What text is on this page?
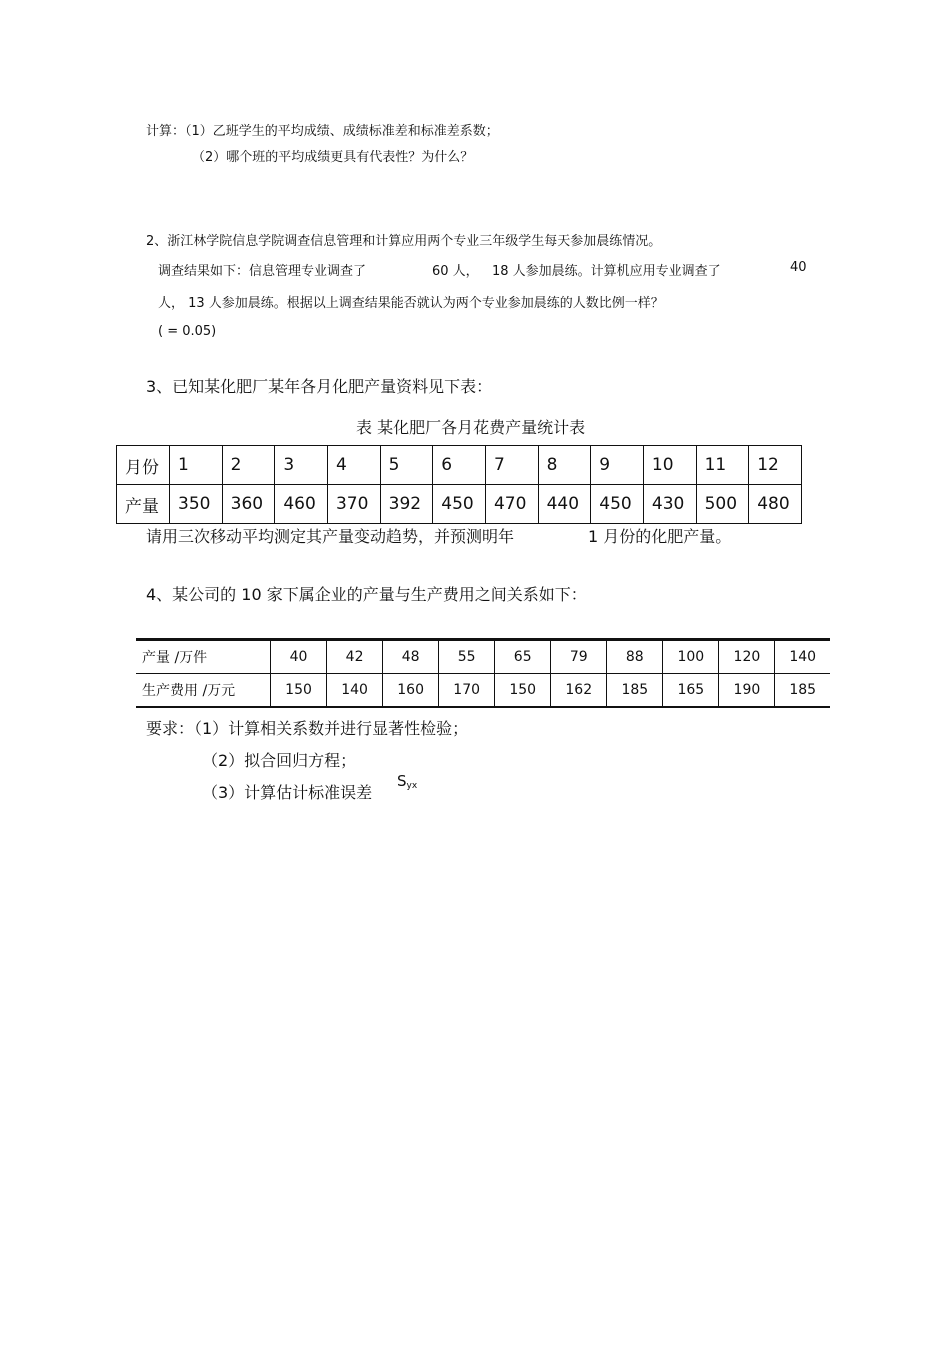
计算：（1）乙班学生的平均成绩、成绩标准差和标准差系数；
（2）哪个班的平均成绩更具有代表性？为什么？
2、浙江林学院信息学院调查信息管理和计算应用两个专业三年级学生每天参加晨练情况。
调查结果如下：信息管理专业调查了	60 人， 18 人参加晨练。计算机应用专业调查了	40
人， 13 人参加晨练。根据以上调查结果能否就认为两个专业参加晨练的人数比例一样？
( = 0.05)
3、已知某化肥厂某年各月化肥产量资料见下表：
表 某化肥厂各月花费产量统计表
月份	1	2	3	4	5	6	7	8	9	10	11	12
产量	350	360	460	370	392	450	470	440	450	430	500	480
请用三次移动平均测定其产量变动趋势，并预测明年	1 月份的化肥产量。
4、某公司的 10 家下属企业的产量与生产费用之间关系如下：
产量 /万件	40	42	48	55	65	79	88	100	120	140
生产费用 /万元	150	140	160	170	150	162	185	165	190	185
要求：（1）计算相关系数并进行显著性检验；
（2）拟合回归方程；
（3）计算估计标准误差
$S_{yx}$
